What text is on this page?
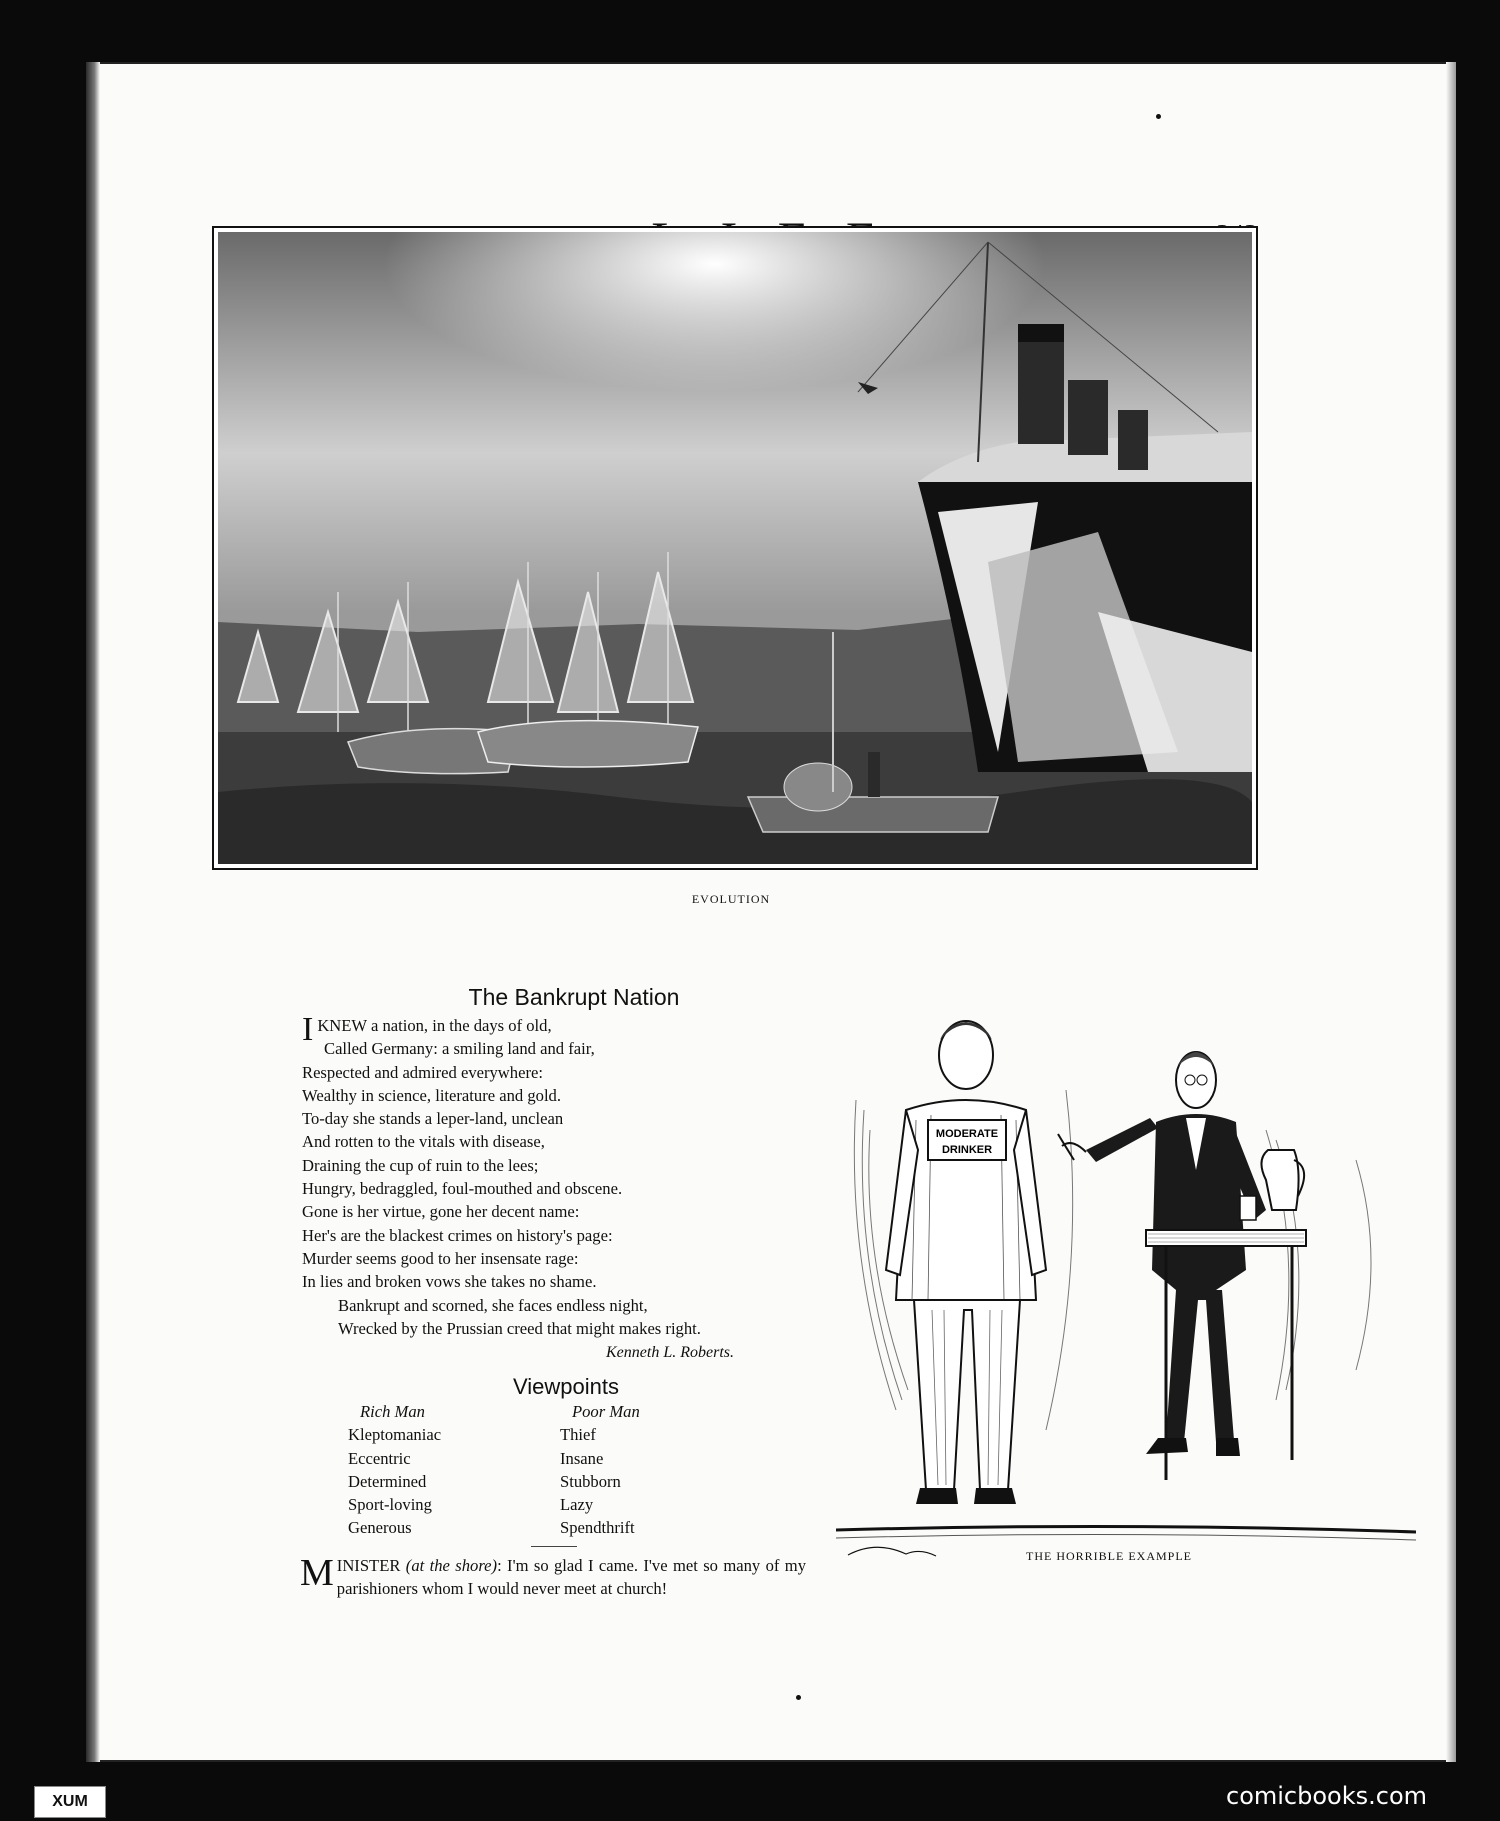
EVOLUTION
The Bankrupt Nation
IKNEW a nation, in the days of old,
Called Germany: a smiling land and fair,
Respected and admired everywhere:
Wealthy in science, literature and gold.
To-day she stands a leper-land, unclean
And rotten to the vitals with disease,
Draining the cup of ruin to the lees;
Hungry, bedraggled, foul-mouthed and obscene.
Gone is her virtue, gone her decent name:
Her's are the blackest crimes on history's page:
Murder seems good to her insensate rage:
In lies and broken vows she takes no shame.
Bankrupt and scorned, she faces endless night,
Wrecked by the Prussian creed that might makes right.
Kenneth L. Roberts.
Viewpoints
Rich Man
Kleptomaniac
Eccentric
Determined
Sport-loving
Generous
Poor Man
Thief
Insane
Stubborn
Lazy
Spendthrift
MINISTER (at the shore): I'm so glad I came. I've met so many of my parishioners whom I would never meet at church!
MODERATE
DRINKER
THE HORRIBLE EXAMPLE
XUM	comicbooks.com
